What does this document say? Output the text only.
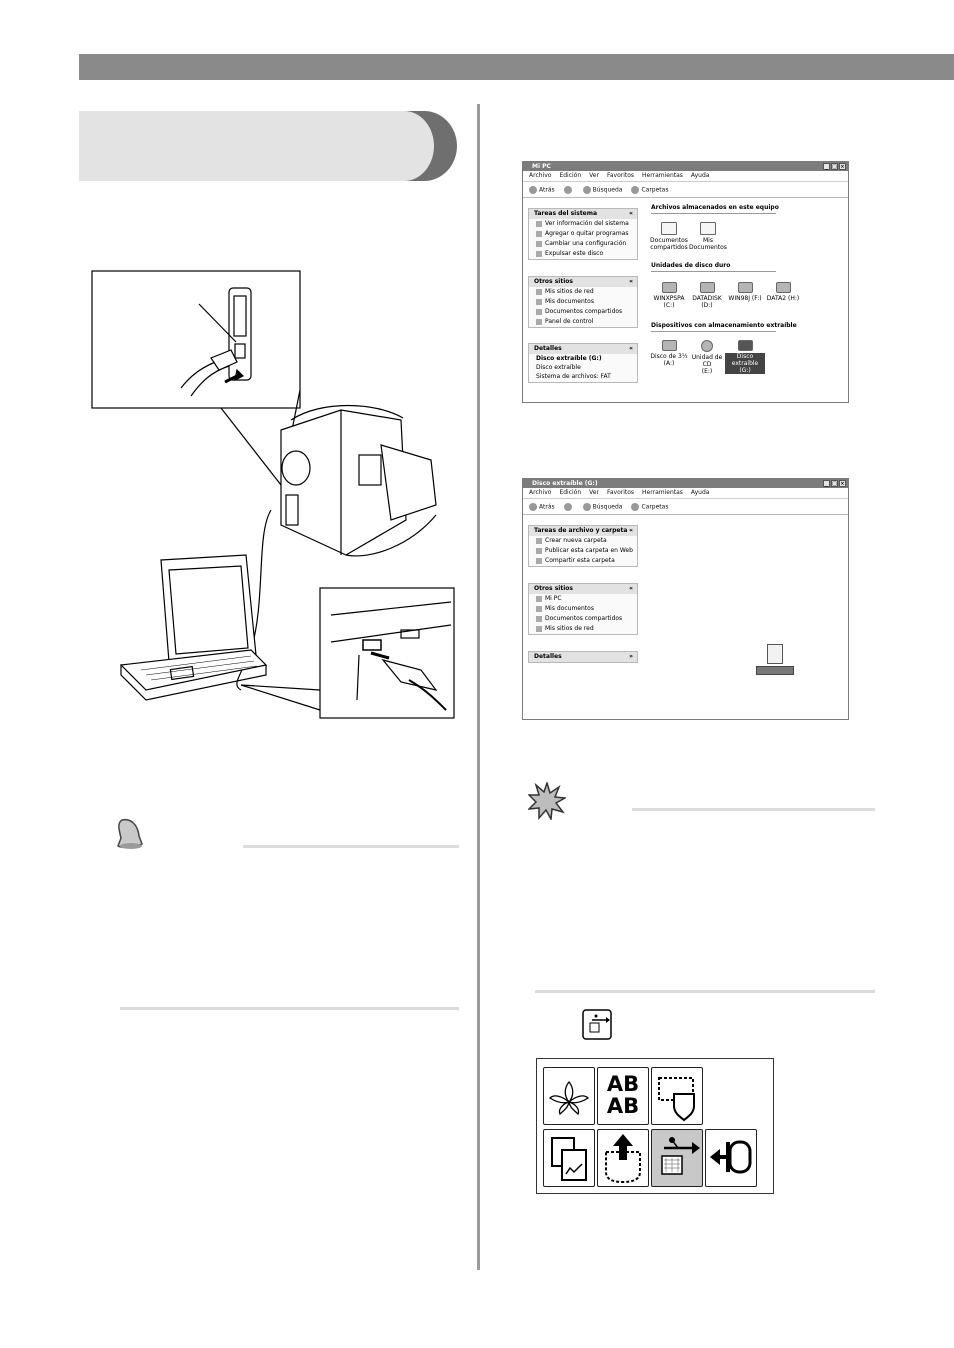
Mi PC	_ □ ×
Archivo Edición Ver Favoritos Herramientas Ayuda
Atrás	Búsqueda	Carpetas
Tareas del sistema	«
Ver información del sistema
Agregar o quitar programas
Cambiar una configuración
Expulsar este disco
Otros sitios	«
Mis sitios de red
Mis documentos
Documentos compartidos
Panel de control
Detalles	«
Disco extraíble (G:)
Disco extraíble
Sistema de archivos: FAT
Archivos almacenados en este equipo
Documentos
compartidos
Mis
Documentos
Unidades de disco duro
WINXPSPA
(C:)
DATADISK
(D:)
WIN98J (F:) DATA2 (H:)
Dispositivos con almacenamiento extraíble
Disco de 3½
(A:)
Unidad de CD
(E:)
Disco extraíble
(G:)
Disco extraíble (G:)	_ □ ×
Archivo Edición Ver Favoritos Herramientas Ayuda
Atrás	Búsqueda	Carpetas
Tareas de archivo y carpeta «
Crear nueva carpeta
Publicar esta carpeta en Web
Compartir esta carpeta
Otros sitios	«
Mi PC
Mis documentos
Documentos compartidos
Mis sitios de red
Detalles	»
AB
AB
